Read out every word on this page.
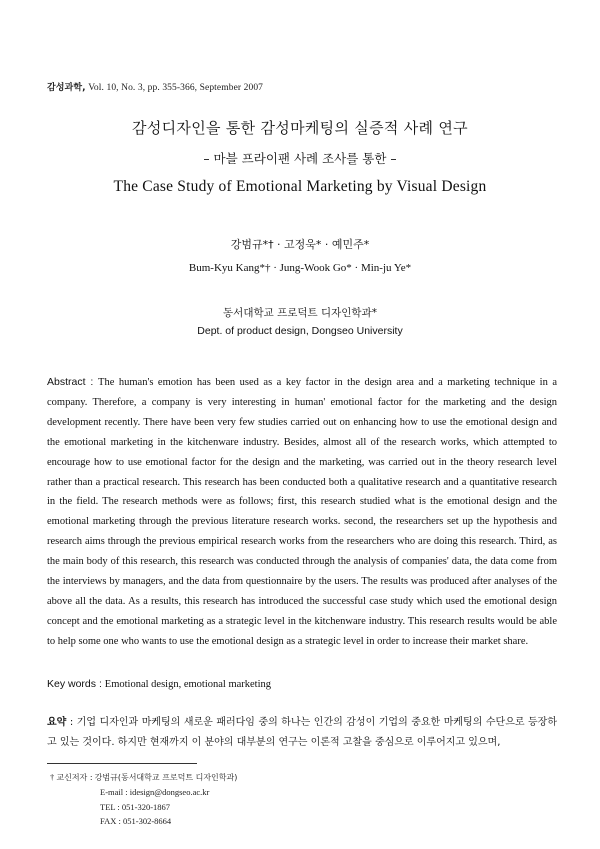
감성과학, Vol. 10, No. 3, pp. 355-366, September 2007
감성디자인을 통한 감성마케팅의 실증적 사례 연구
– 마블 프라이팬 사례 조사를 통한 –
The Case Study of Emotional Marketing by Visual Design
강범규*† · 고정욱* · 예민주*
Bum-Kyu Kang*† · Jung-Wook Go* · Min-ju Ye*
동서대학교 프로덕트 디자인학과*
Dept. of product design, Dongseo University

Abstract : The human's emotion has been used as a key factor in the design area and a marketing technique in a company. Therefore, a company is very interesting in human' emotional factor for the marketing and the design development recently. There have been very few studies carried out on enhancing how to use the emotional design and the emotional marketing in the kitchenware industry. Besides, almost all of the research works, which attempted to encourage how to use emotional factor for the design and the marketing, was carried out in the theory research level rather than a practical research. This research has been conducted both a qualitative research and a quantitative research in the field. The research methods were as follows; first, this research studied what is the emotional design and the emotional marketing through the previous literature research works. second, the researchers set up the hypothesis and research aims through the previous empirical research works from the researchers who are doing this research. Third, as the main body of this research, this research was conducted through the analysis of companies' data, the data come from the interviews by managers, and the data from questionnaire by the users. The results was produced after analyses of the above all the data. As a results, this research has introduced the successful case study which used the emotional design concept and the emotional marketing as a strategic level in the kitchenware industry. This research results would be able to help some one who wants to use the emotional design as a strategic level in order to increase their market share.

Key words : Emotional design, emotional marketing

요약 : 기업 디자인과 마케팅의 새로운 패러다임 중의 하나는 인간의 감성이 기업의 중요한 마케팅의 수단으로 등장하고 있는 것이다. 하지만 현재까지 이 분야의 대부분의 연구는 이론적 고찰을 중심으로 이루어지고 있으며,

† 교신저자 : 강범규(동서대학교 프로덕트 디자인학과)
E-mail : idesign@dongseo.ac.kr
TEL : 051-320-1867
FAX : 051-302-8664
